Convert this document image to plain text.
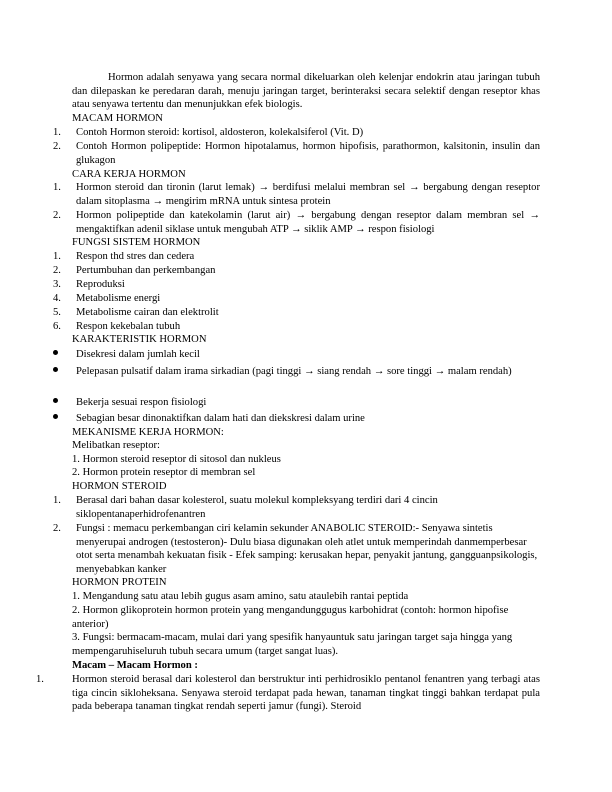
Hormon adalah senyawa yang secara normal dikeluarkan oleh kelenjar endokrin atau jaringan tubuh dan dilepaskan ke peredaran darah, menuju jaringan target, berinteraksi secara selektif dengan reseptor khas atau senyawa tertentu dan menunjukkan efek biologis.

MACAM HORMON
1. Contoh Hormon steroid: kortisol, aldosteron, kolekalsiferol (Vit. D)
2. Contoh Hormon polipeptide: Hormon hipotalamus, hormon hipofisis, parathormon, kalsitonin, insulin dan glukagon
CARA KERJA HORMON
1. Hormon steroid dan tironin (larut lemak) → berdifusi melalui membran sel → bergabung dengan reseptor dalam sitoplasma → mengirim mRNA untuk sintesa protein
2. Hormon polipeptide dan katekolamin (larut air) → bergabung dengan reseptor dalam membran sel → mengaktifkan adenil siklase untuk mengubah ATP → siklik AMP → respon fisiologi
FUNGSI SISTEM HORMON
1. Respon thd stres dan cedera
2. Pertumbuhan dan perkembangan
3. Reproduksi
4. Metabolisme energi
5. Metabolisme cairan dan elektrolit
6. Respon kekebalan tubuh
KARAKTERISTIK HORMON
Disekresi dalam jumlah kecil
Pelepasan pulsatif dalam irama sirkadian (pagi tinggi → siang rendah → sore tinggi → malam rendah)
Bekerja sesuai respon fisiologi
Sebagian besar dinonaktifkan dalam hati dan diekskresi dalam urine
MEKANISME KERJA HORMON:
Melibatkan reseptor:
1. Hormon steroid reseptor di sitosol dan nukleus
2. Hormon protein reseptor di membran sel
HORMON STEROID
1. Berasal dari bahan dasar kolesterol, suatu molekul kompleksyang terdiri dari 4 cincin siklopentanaperhidrofenantren
2. Fungsi : memacu perkembangan ciri kelamin sekunder ANABOLIC STEROID:- Senyawa sintetis menyerupai androgen (testosteron)- Dulu biasa digunakan oleh atlet untuk memperindah danmemperbesar otot serta menambah kekuatan fisik - Efek samping: kerusakan hepar, penyakit jantung, gangguanpsikologis, menyebabkan kanker
HORMON PROTEIN
1. Mengandung satu atau lebih gugus asam amino, satu ataulebih rantai peptida
2. Hormon glikoprotein hormon protein yang mengandunggugus karbohidrat (contoh: hormon hipofise anterior)
3. Fungsi: bermacam-macam, mulai dari yang spesifik hanyauntuk satu jaringan target saja hingga yang mempengaruhiseluruh tubuh secara umum (target sangat luas).
Macam – Macam Hormon :
1.	Hormon steroid berasal dari kolesterol dan berstruktur inti perhidrosiklo pentanol fenantren yang terbagi atas tiga cincin sikloheksana. Senyawa steroid terdapat pada hewan, tanaman tingkat tinggi bahkan terdapat pula pada beberapa tanaman tingkat rendah seperti jamur (fungi). Steroid
